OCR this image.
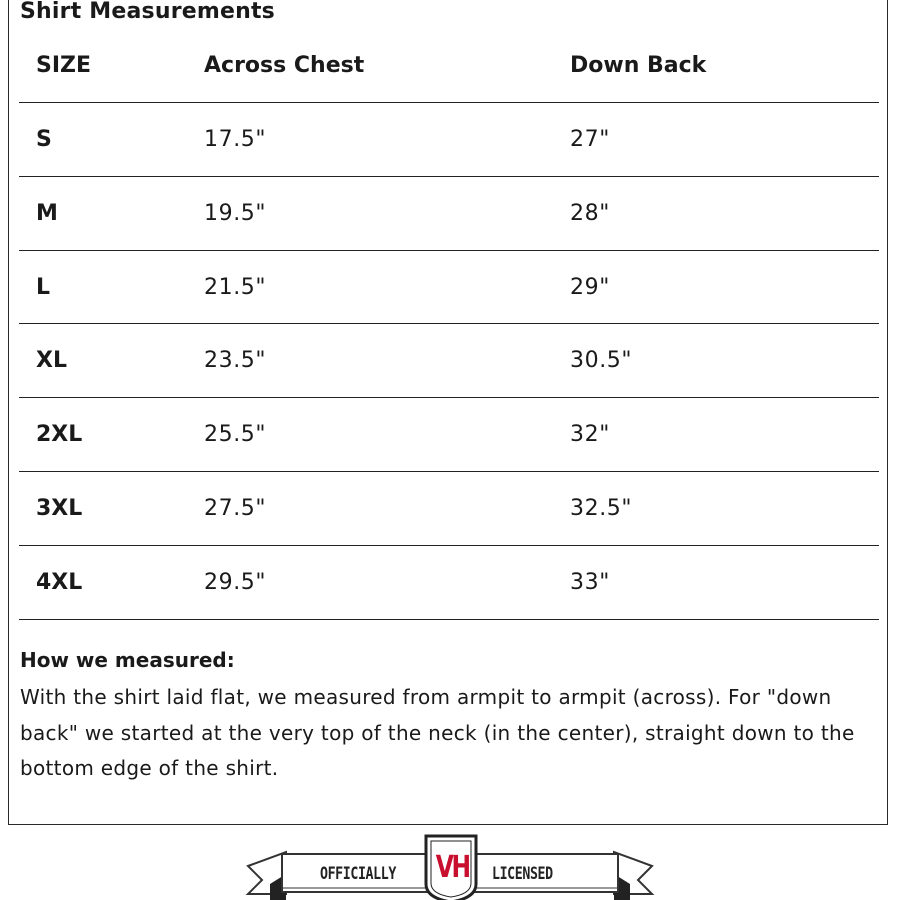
Shirt Measurements
SIZE	Across Chest	Down Back
S	17.5"	27"
M	19.5"	28"
L	21.5"	29"
XL	23.5"	30.5"
2XL	25.5"	32"
3XL	27.5"	32.5"
4XL	29.5"	33"

How we measured:

With the shirt laid flat, we measured from armpit to armpit (across). For "down back" we started at the very top of the neck (in the center), straight down to the bottom edge of the shirt.

OFFICIALLY VH LICENSED
